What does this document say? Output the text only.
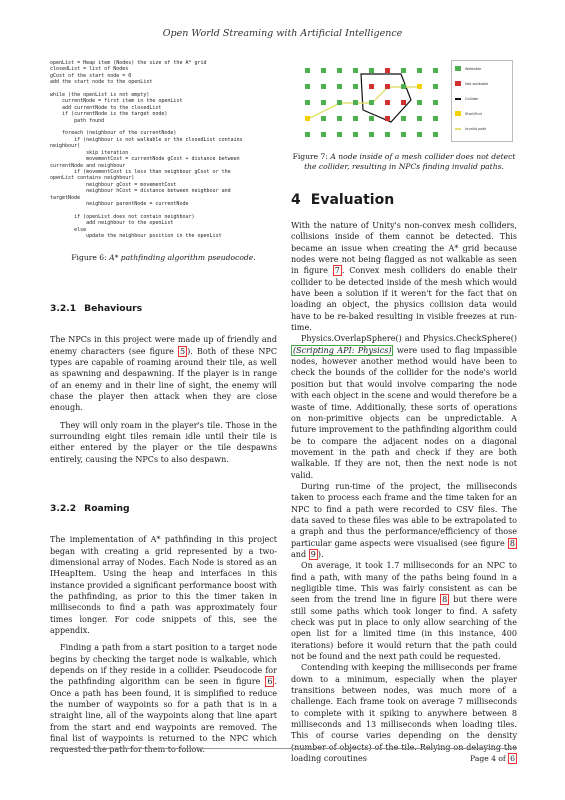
Open World Streaming with Artificial Intelligence
openList = Heap item (Nodes) the size of the A* grid
closedList = list of Nodes
gCost of the start node = 0
add the start node to the openList

while (the openList is not empty)
currentNode = first item in the openList
add currentNode to the closedList
if (currentNode is the target node)
path found

foreach (neighbour of the currentNode)
if (neighbour is not walkable or the closedList contains
neighbour)
skip iteration
movementCost = currentNode gCost + distance between
currentNode and neighbour
if (movementCost is less than neighbour gCost or the
openList contains neighbour)
neighbour gCost = movementCost
neighbour hCost = distance between neighbour and
targetNode
neighbour parentNode = currentNode

if (openList does not contain neighbour)
add neighbour to the openList
else
update the neighbour position in the openList
Figure 6: A* pathfinding algorithm pseudocode.
3.2.1 Behaviours

The NPCs in this project were made up of friendly and enemy characters (see figure 5 ). Both of these NPC types are capable of roaming around their tile, as well as spawning and despawning. If the player is in range of an enemy and in their line of sight, the enemy will chase the player then attack when they are close enough.

They will only roam in the player's tile. Those in the surrounding eight tiles remain idle until their tile is either entered by the player or the tile despawns entirely, causing the NPCs to also despawn.

3.2.2 Roaming

The implementation of A* pathfinding in this project began with creating a grid represented by a two-dimensional array of Nodes. Each Node is stored as an IHeapItem. Using the heap and interfaces in this instance provided a significant performance boost with the pathfinding, as prior to this the timer taken in milliseconds to find a path was approximately four times longer. For code snippets of this, see the appendix.

Finding a path from a start position to a target node begins by checking the target node is walkable, which depends on if they reside in a collider. Pseudocode for the pathfinding algorithm can be seen in figure 6 . Once a path has been found, it is simplified to reduce the number of waypoints so for a path that is in a straight line, all of the waypoints along that line apart from the start and end waypoints are removed. The final list of waypoints is returned to the NPC which requested the path for them to follow.

Walkable
Not walkable
Collider
Start/End
Invalid path
Figure 7: A node inside of a mesh collider does not detect the collider, resulting in NPCs finding invalid paths.
4 Evaluation

With the nature of Unity's non-convex mesh colliders, collisions inside of them cannot be detected. This became an issue when creating the A* grid because nodes were not being flagged as not walkable as seen in figure 7 . Convex mesh colliders do enable their collider to be detected inside of the mesh which would have been a solution if it weren't for the fact that on loading an object, the physics collision data would have to be re-baked resulting in visible freezes at run-time.

Physics.OverlapSphere() and Physics.CheckSphere() (Scripting API: Physics) were used to flag impassible nodes, however another method would have been to check the bounds of the collider for the node's world position but that would involve comparing the node with each object in the scene and would therefore be a waste of time. Additionally, these sorts of operations on non-primitive objects can be unpredictable. A future improvement to the pathfinding algorithm could be to compare the adjacent nodes on a diagonal movement in the path and check if they are both walkable. If they are not, then the next node is not valid.

During run-time of the project, the milliseconds taken to process each frame and the time taken for an NPC to find a path were recorded to CSV files. The data saved to these files was able to be extrapolated to a graph and thus the performance/efficiency of those particular game aspects were visualised (see figure 8 and 9 ).

On average, it took 1.7 milliseconds for an NPC to find a path, with many of the paths being found in a negligible time. This was fairly consistent as can be seen from the trend line in figure 8 but there were still some paths which took longer to find. A safety check was put in place to only allow searching of the open list for a limited time (in this instance, 400 iterations) before it would return that the path could not be found and the next path could be requested.

Contending with keeping the milliseconds per frame down to a minimum, especially when the player transitions between nodes, was much more of a challenge. Each frame took on average 7 milliseconds to complete with it spiking to anywhere between 8 milliseconds and 13 milliseconds when loading tiles. This of course varies depending on the density (number of objects) of the tile. Relying on delaying the loading coroutines	Page 4 of 6
